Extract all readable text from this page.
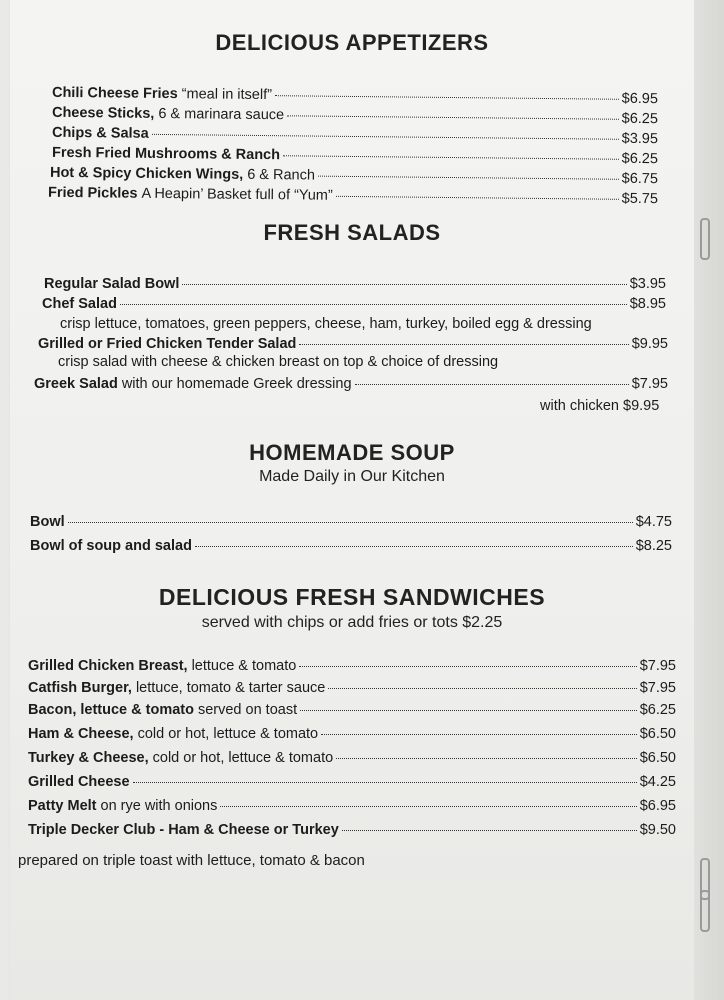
DELICIOUS APPETIZERS
Chili Cheese Fries “meal in itself”	$6.95
Cheese Sticks, 6 & marinara sauce	$6.25
Chips & Salsa	$3.95
Fresh Fried Mushrooms & Ranch	$6.25
Hot & Spicy Chicken Wings, 6 & Ranch	$6.75
Fried Pickles A Heapin’ Basket full of “Yum”	$5.75
FRESH SALADS
Regular Salad Bowl	$3.95
Chef Salad	$8.95
crisp lettuce, tomatoes, green peppers, cheese, ham, turkey, boiled egg & dressing
Grilled or Fried Chicken Tender Salad	$9.95
crisp salad with cheese & chicken breast on top & choice of dressing
Greek Salad with our homemade Greek dressing	$7.95
with chicken $9.95
HOMEMADE SOUP
Made Daily in Our Kitchen
Bowl	$4.75
Bowl of soup and salad	$8.25
DELICIOUS FRESH SANDWICHES
served with chips or add fries or tots $2.25
Grilled Chicken Breast, lettuce & tomato	$7.95
Catfish Burger, lettuce, tomato & tarter sauce	$7.95
Bacon, lettuce & tomato served on toast	$6.25
Ham & Cheese, cold or hot, lettuce & tomato	$6.50
Turkey & Cheese, cold or hot, lettuce & tomato	$6.50
Grilled Cheese	$4.25
Patty Melt on rye with onions	$6.95
Triple Decker Club - Ham & Cheese or Turkey	$9.50
prepared on triple toast with lettuce, tomato & bacon
